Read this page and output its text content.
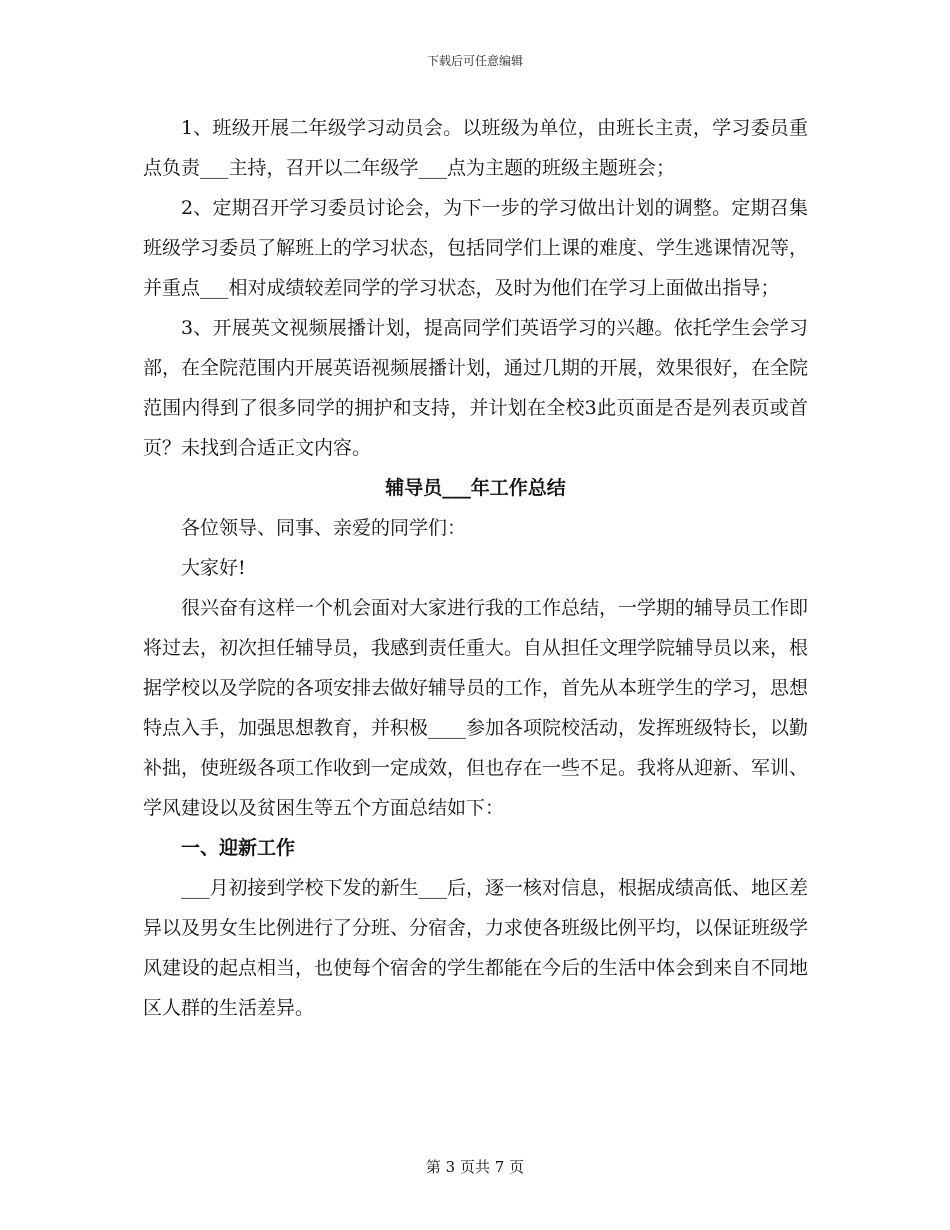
下载后可任意编辑

1、班级开展二年级学习动员会。以班级为单位，由班长主责，学习委员重点负责___主持，召开以二年级学___点为主题的班级主题班会；

2、定期召开学习委员讨论会，为下一步的学习做出计划的调整。定期召集班级学习委员了解班上的学习状态，包括同学们上课的难度、学生逃课情况等，并重点___相对成绩较差同学的学习状态，及时为他们在学习上面做出指导；

3、开展英文视频展播计划，提高同学们英语学习的兴趣。依托学生会学习部，在全院范围内开展英语视频展播计划，通过几期的开展，效果很好，在全院范围内得到了很多同学的拥护和支持，并计划在全校3此页面是否是列表页或首页？未找到合适正文内容。

辅导员___年工作总结

各位领导、同事、亲爱的同学们：

大家好!

很兴奋有这样一个机会面对大家进行我的工作总结，一学期的辅导员工作即将过去，初次担任辅导员，我感到责任重大。自从担任文理学院辅导员以来，根据学校以及学院的各项安排去做好辅导员的工作，首先从本班学生的学习，思想特点入手，加强思想教育，并积极____参加各项院校活动，发挥班级特长，以勤补拙，使班级各项工作收到一定成效，但也存在一些不足。我将从迎新、军训、学风建设以及贫困生等五个方面总结如下：

一、迎新工作

___月初接到学校下发的新生___后，逐一核对信息，根据成绩高低、地区差异以及男女生比例进行了分班、分宿舍，力求使各班级比例平均，以保证班级学风建设的起点相当，也使每个宿舍的学生都能在今后的生活中体会到来自不同地区人群的生活差异。

第 3 页共 7 页
